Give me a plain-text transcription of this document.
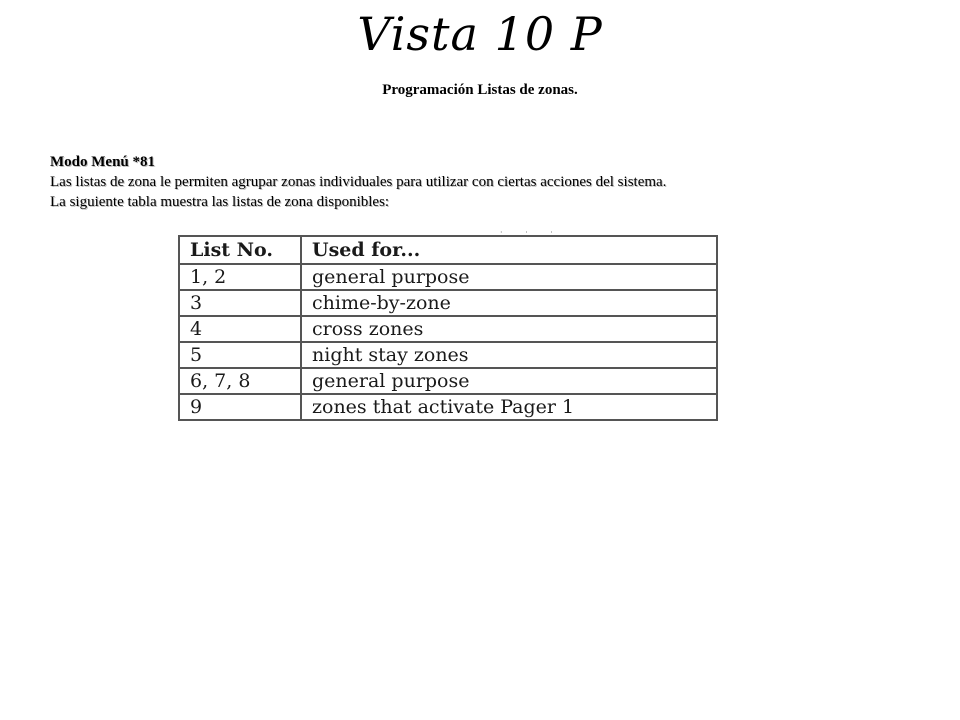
Vista 10 P
Programación Listas de zonas.
Modo Menú *81
Las listas de zona le permiten agrupar zonas individuales para utilizar con ciertas acciones del sistema.
La siguiente tabla muestra las listas de zona disponibles:
· · ·
List No.	Used for...
1, 2	general purpose
3	chime-by-zone
4	cross zones
5	night stay zones
6, 7, 8	general purpose
9	zones that activate Pager 1
